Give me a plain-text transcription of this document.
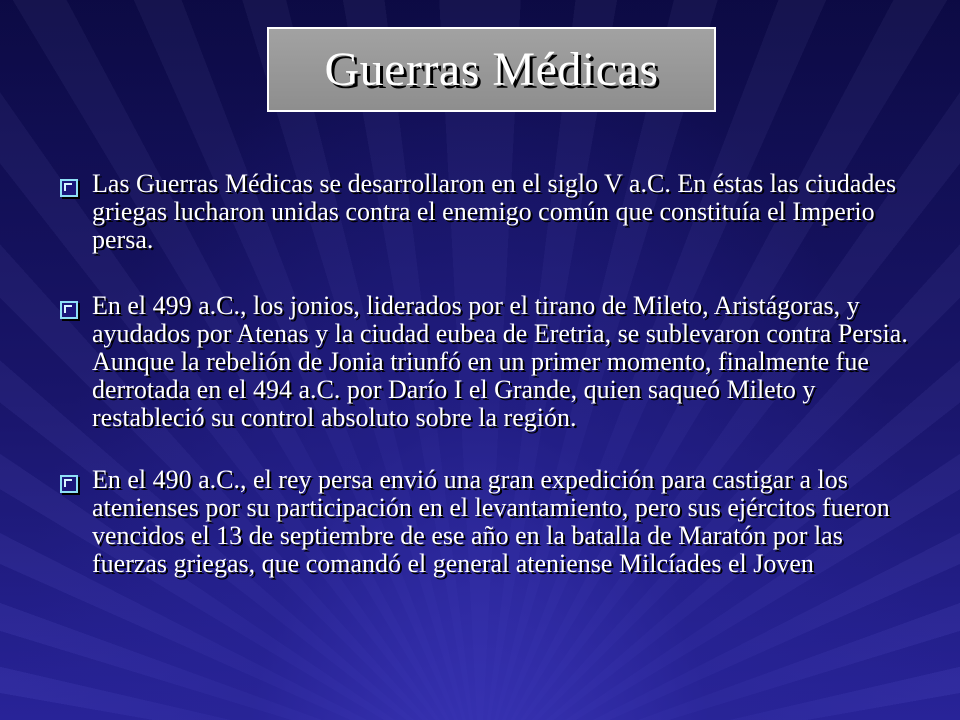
Guerras Médicas
Las Guerras Médicas se desarrollaron en el siglo V a.C. En éstas las ciudades griegas lucharon unidas contra el enemigo común que constituía el Imperio persa.
En el 499 a.C., los jonios, liderados por el tirano de Mileto, Aristágoras, y ayudados por Atenas y la ciudad eubea de Eretria, se sublevaron contra Persia. Aunque la rebelión de Jonia triunfó en un primer momento, finalmente fue derrotada en el 494 a.C. por Darío I el Grande, quien saqueó Mileto y restableció su control absoluto sobre la región.
En el 490 a.C., el rey persa envió una gran expedición para castigar a los atenienses por su participación en el levantamiento, pero sus ejércitos fueron vencidos el 13 de septiembre de ese año en la batalla de Maratón por las fuerzas griegas, que comandó el general ateniense Milcíades el Joven
